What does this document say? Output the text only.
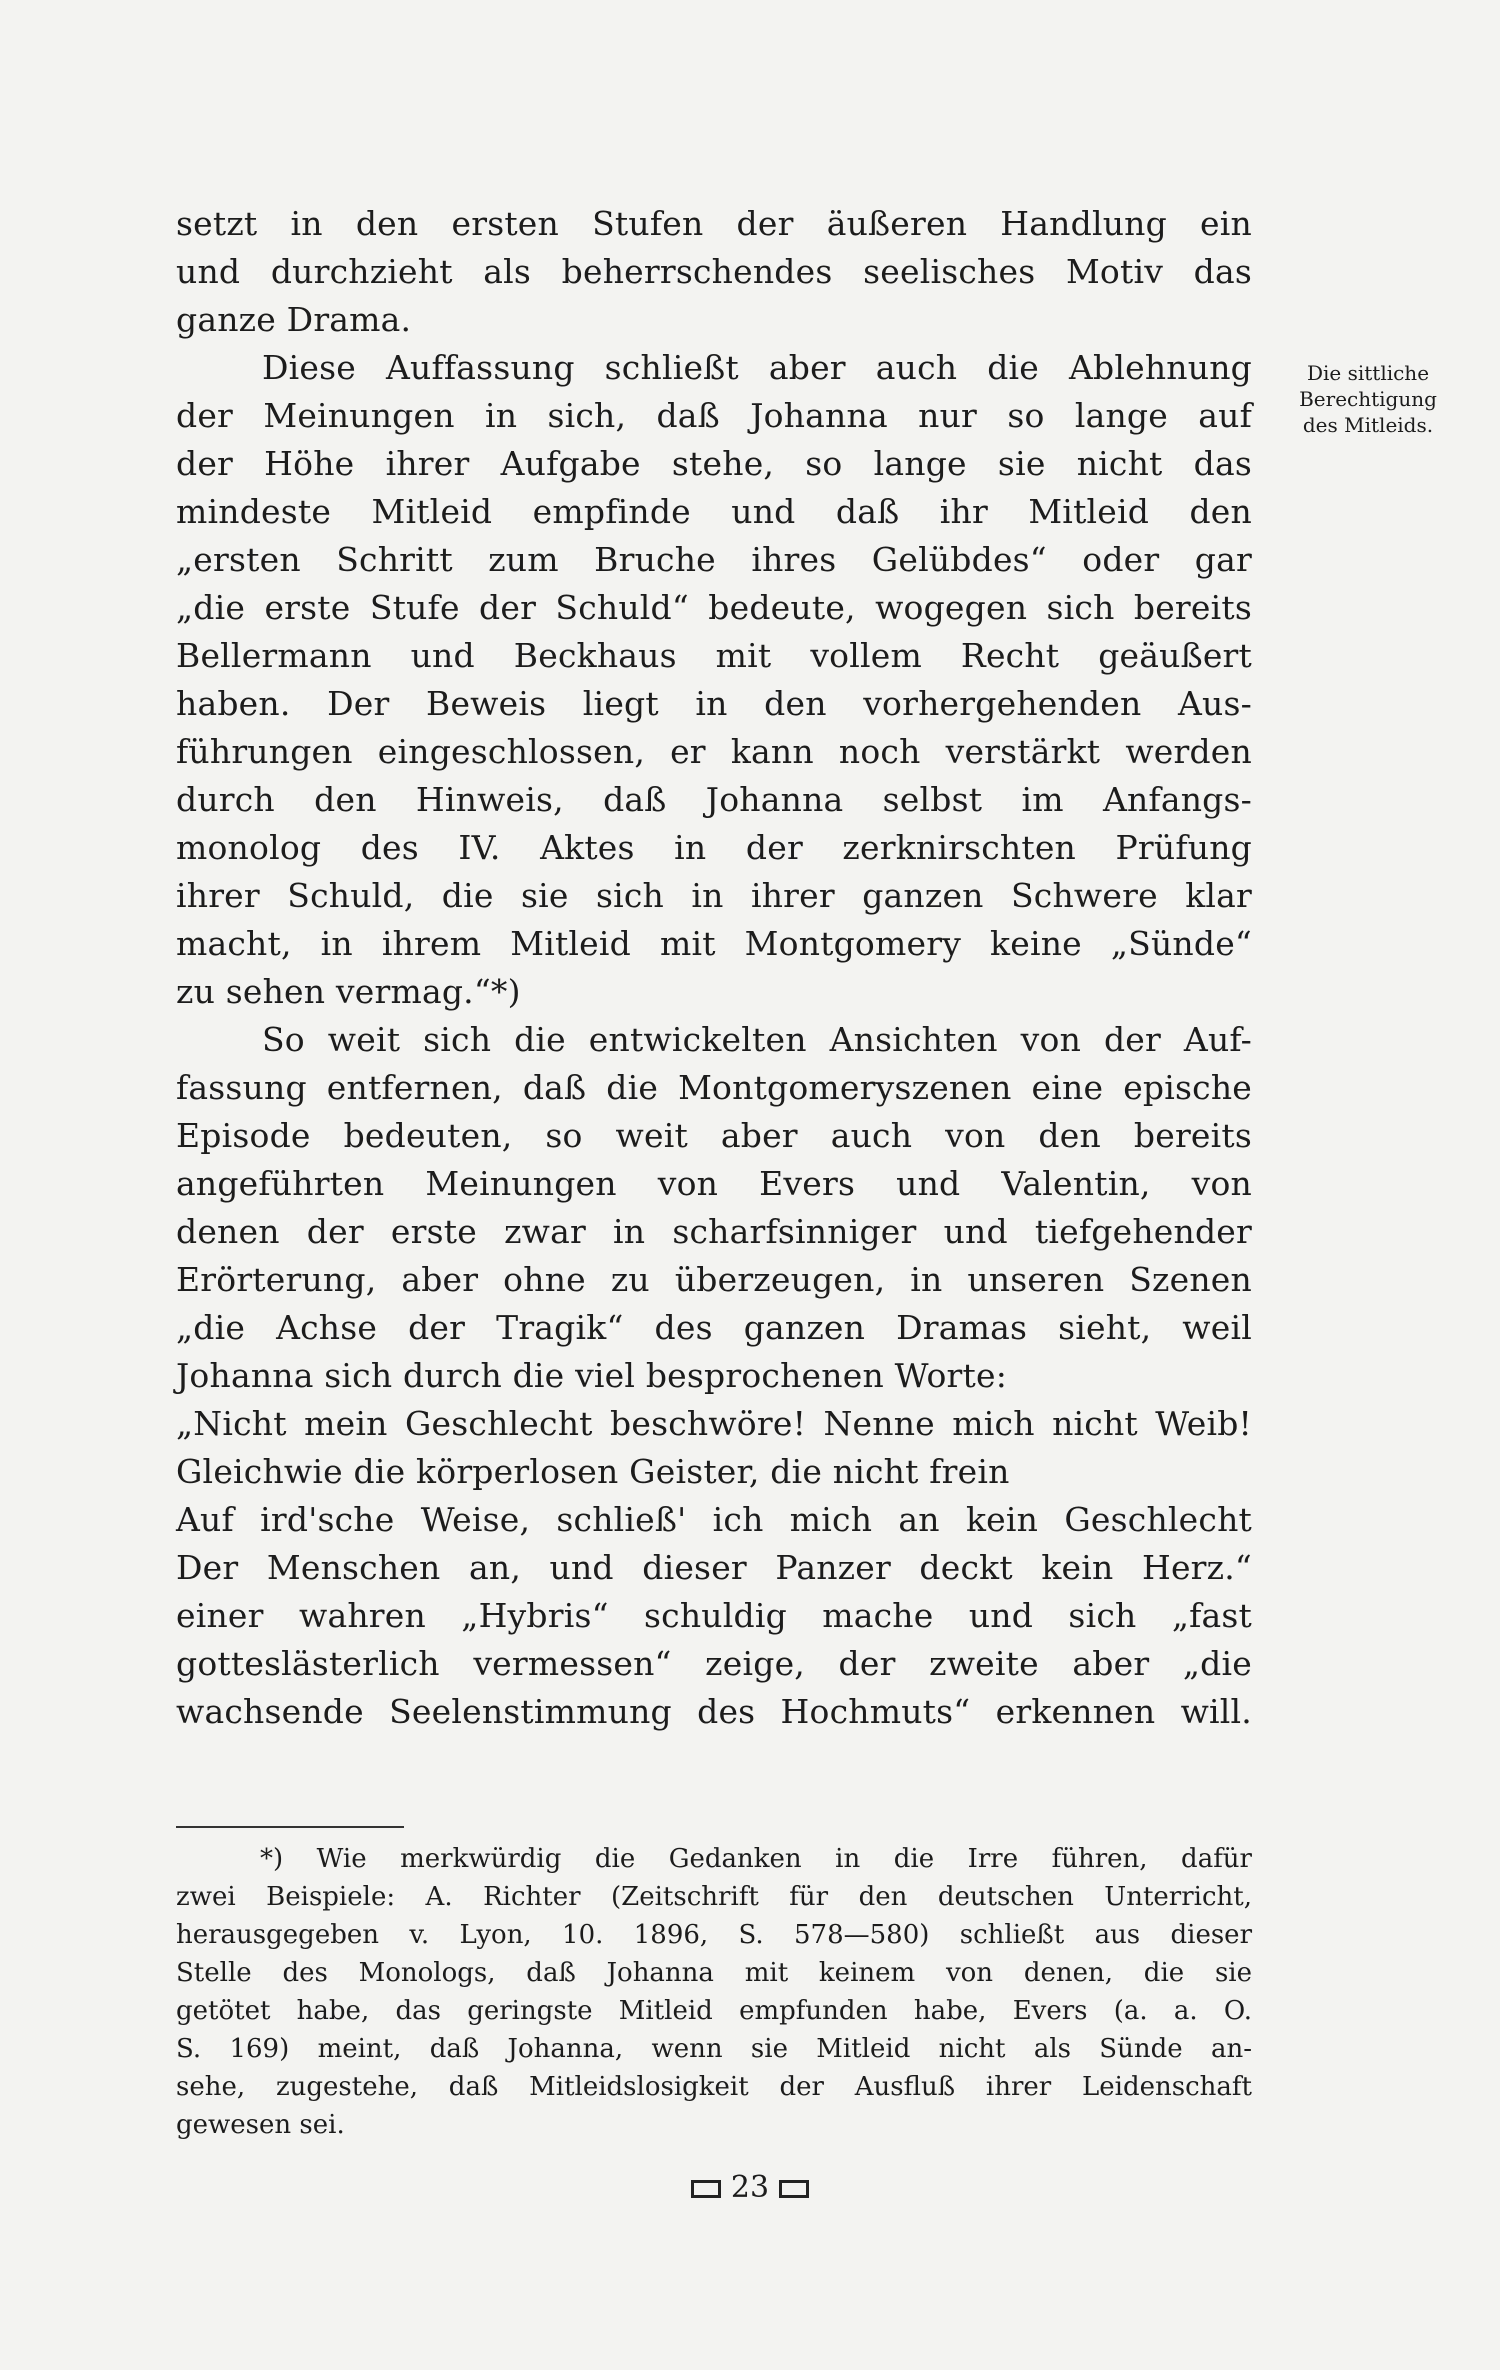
setzt in den ersten Stufen der äußeren Handlung ein
und durchzieht als beherrschendes seelisches Motiv das
ganze Drama.
Diese Auffassung schließt aber auch die Ablehnung
der Meinungen in sich, daß Johanna nur so lange auf
der Höhe ihrer Aufgabe stehe, so lange sie nicht das
mindeste Mitleid empfinde und daß ihr Mitleid den
„ersten Schritt zum Bruche ihres Gelübdes“ oder gar
„die erste Stufe der Schuld“ bedeute, wogegen sich bereits
Bellermann und Beckhaus mit vollem Recht geäußert
haben. Der Beweis liegt in den vorhergehenden Aus-
führungen eingeschlossen, er kann noch verstärkt werden
durch den Hinweis, daß Johanna selbst im Anfangs-
monolog des IV. Aktes in der zerknirschten Prüfung
ihrer Schuld, die sie sich in ihrer ganzen Schwere klar
macht, in ihrem Mitleid mit Montgomery keine „Sünde“
zu sehen vermag.“*)
So weit sich die entwickelten Ansichten von der Auf-
fassung entfernen, daß die Montgomeryszenen eine epische
Episode bedeuten, so weit aber auch von den bereits
angeführten Meinungen von Evers und Valentin, von
denen der erste zwar in scharfsinniger und tiefgehender
Erörterung, aber ohne zu überzeugen, in unseren Szenen
„die Achse der Tragik“ des ganzen Dramas sieht, weil
Johanna sich durch die viel besprochenen Worte:
„Nicht mein Geschlecht beschwöre! Nenne mich nicht Weib!
Gleichwie die körperlosen Geister, die nicht frein
Auf ird'sche Weise, schließ' ich mich an kein Geschlecht
Der Menschen an, und dieser Panzer deckt kein Herz.“
einer wahren „Hybris“ schuldig mache und sich „fast
gotteslästerlich vermessen“ zeige, der zweite aber „die
wachsende Seelenstimmung des Hochmuts“ erkennen will.
Die sittliche
Berechtigung
des Mitleids.
*) Wie merkwürdig die Gedanken in die Irre führen, dafür
zwei Beispiele: A. Richter (Zeitschrift für den deutschen Unterricht,
herausgegeben v. Lyon, 10. 1896, S. 578—580) schließt aus dieser
Stelle des Monologs, daß Johanna mit keinem von denen, die sie
getötet habe, das geringste Mitleid empfunden habe, Evers (a. a. O.
S. 169) meint, daß Johanna, wenn sie Mitleid nicht als Sünde an-
sehe, zugestehe, daß Mitleidslosigkeit der Ausfluß ihrer Leidenschaft
gewesen sei.
23
